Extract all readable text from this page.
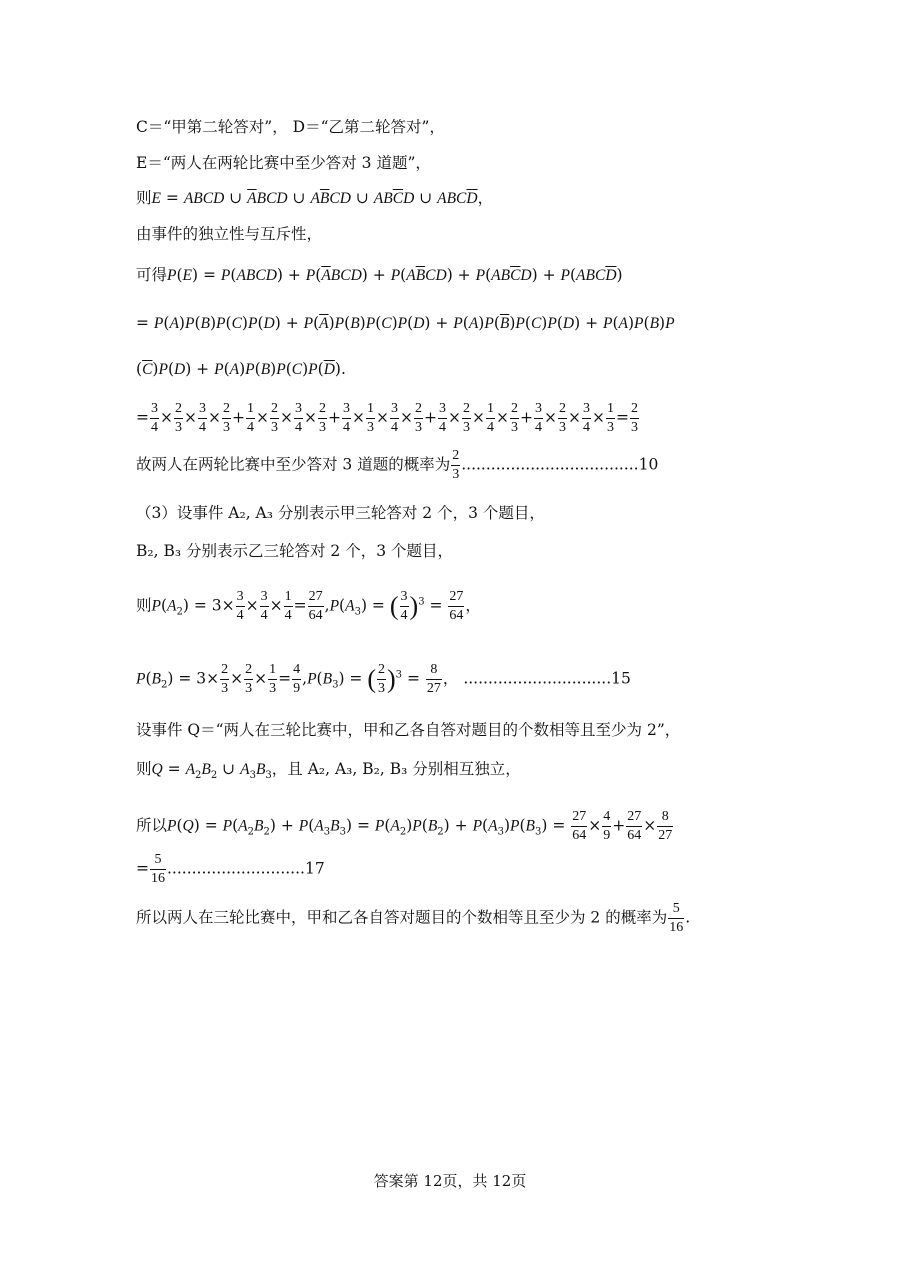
C＝“甲第二轮答对”， D＝“乙第二轮答对”，
E＝“两人在两轮比赛中至少答对 3 道题”，
则E = ABCD ∪ $\overline{A}BCD$ ∪ $A\overline{B}CD$ ∪ $AB\overline{C}D$ ∪ $ABC\overline{D}$，
由事件的独立性与互斥性，
可得P(E) = P(ABCD) + $P(\overline{A}BCD) + P(A\overline{B}CD) + P(AB\overline{C}D) + P(ABC\overline{D})$
= $P(A)P(B)P(C)P(D) + P(\overline{A})P(B)P(C)P(D) + P(A)P(\overline{B})P(C)P(D) + P(A)P(B)P$
$(\overline{C})P(D) + P(A)P(B)P(C)P(\overline{D})$.
= $\frac{3}{4} \times \frac{2}{3} \times \frac{3}{4} \times \frac{2}{3} + \frac{1}{4} \times \frac{2}{3} \times \frac{3}{4} \times \frac{2}{3} + \frac{3}{4} \times \frac{1}{3} \times \frac{3}{4} \times \frac{2}{3} + \frac{3}{4} \times \frac{2}{3} \times \frac{1}{4} \times \frac{2}{3} + \frac{3}{4} \times \frac{2}{3} \times \frac{3}{4} \times \frac{1}{3} = \frac{2}{3}$
故两人在两轮比赛中至少答对 3 道题的概率为 $\frac{2}{3} ....................................10$
（3）设事件 A₂, A₃ 分别表示甲三轮答对 2 个，3 个题目，
B₂, B₃ 分别表示乙三轮答对 2 个，3 个题目，
则$P(A_2) = 3\times \frac{3}{4} \times \frac{3}{4} \times \frac{1}{4} = \frac{27}{64} ,P(A_3)$ = ( $\frac{3}{4} )^3 = \frac{27}{64}$ ，
$P(B_2) = 3\times \frac{2}{3} \times \frac{2}{3} \times \frac{1}{3} = \frac{4}{9} ,P(B_3)$ = ( $\frac{2}{3} )^3 = \frac{8}{27}$ ， ..............................15
设事件 Q＝“两人在三轮比赛中，甲和乙各自答对题目的个数相等且至少为 2”，
则$Q = A_2B_2$ ∪ $A_3B_3$，且 A₂, A₃, B₂, B₃ 分别相互独立，
所以$P(Q) = P(A_2B_2) + P(A_3B_3) = P(A_2)P(B_2) + P(A_3)P(B_3) = \frac{27}{64} \times \frac{4}{9} + \frac{27}{64} \times \frac{8}{27}$
= $\frac{5}{16} ............................17$
所以两人在三轮比赛中，甲和乙各自答对题目的个数相等且至少为 2 的概率为 $\frac{5}{16}$ .
答案第 12页，共 12页
